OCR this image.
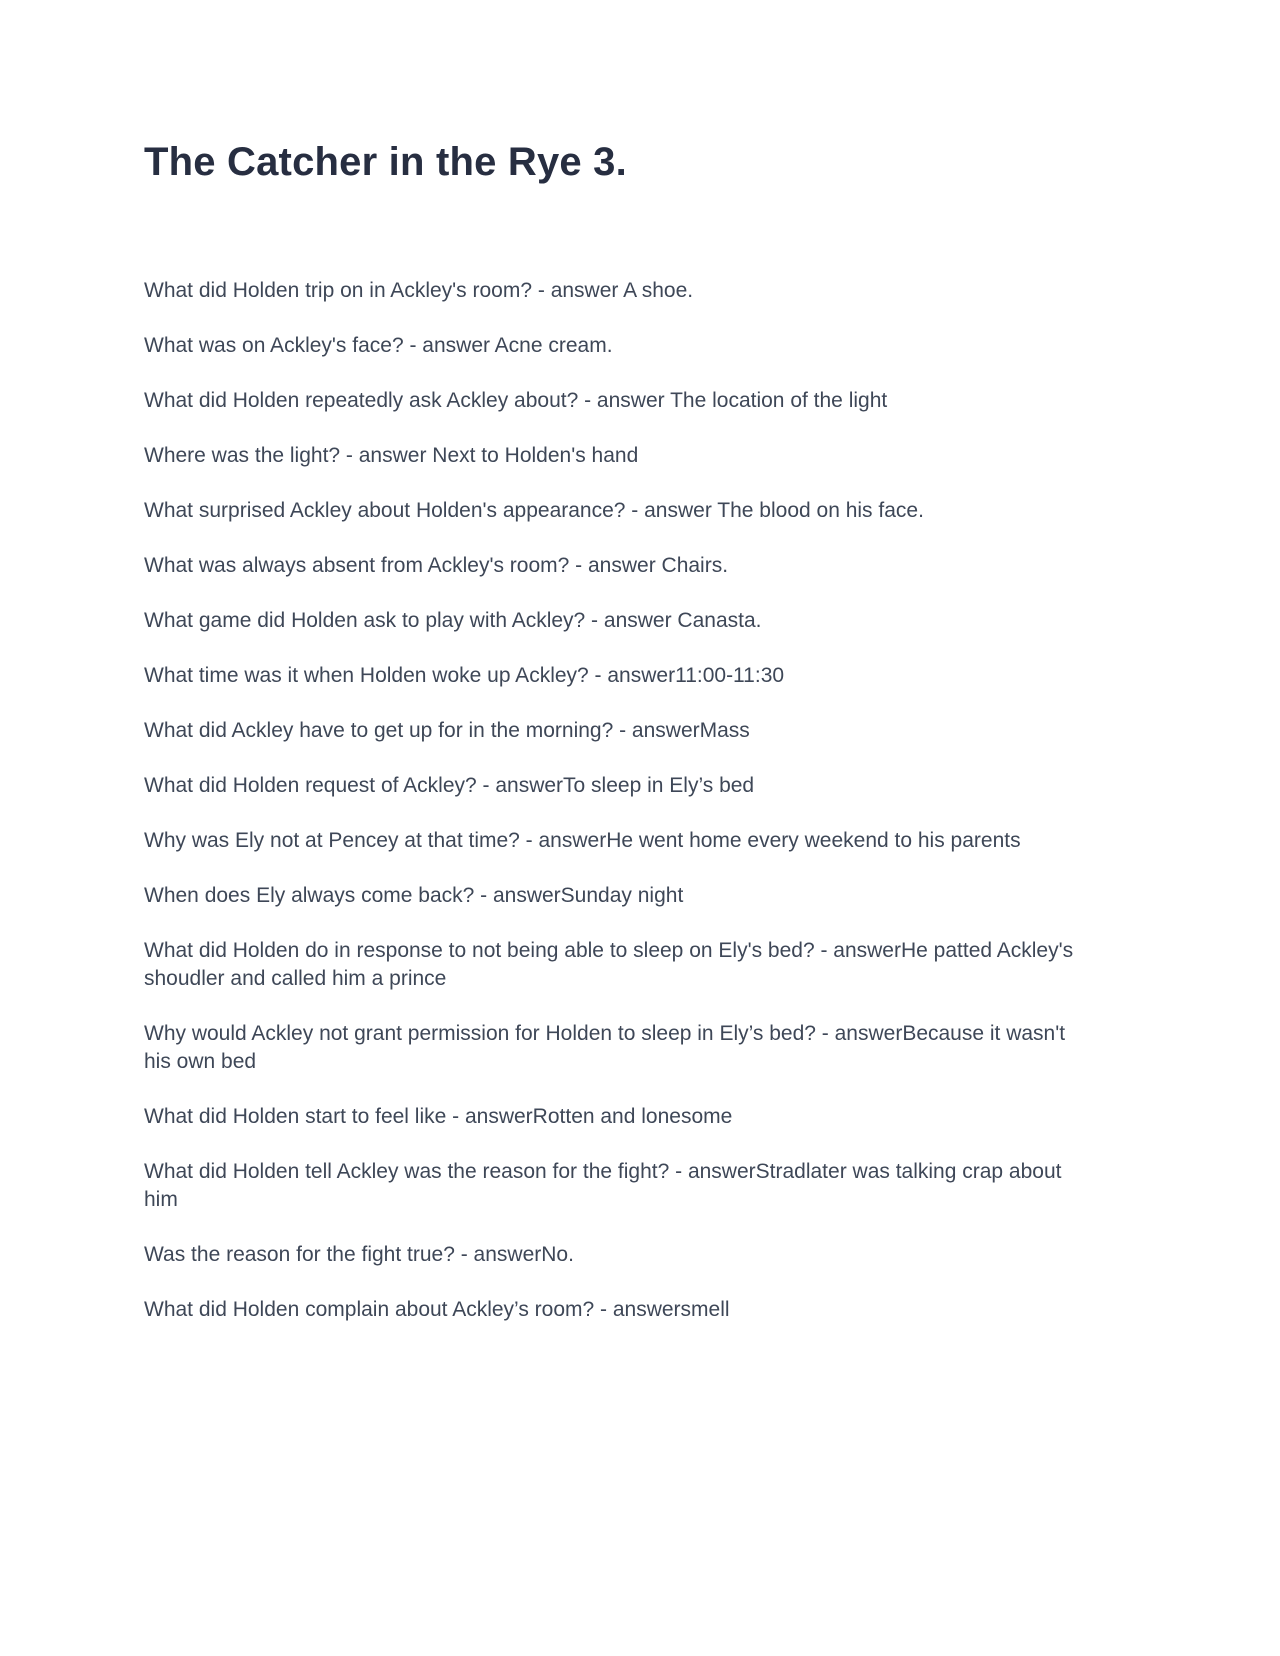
The Catcher in the Rye 3.

What did Holden trip on in Ackley's room? - answer A shoe.

What was on Ackley's face? - answer Acne cream.

What did Holden repeatedly ask Ackley about? - answer The location of the light

Where was the light? - answer Next to Holden's hand

What surprised Ackley about Holden's appearance? - answer The blood on his face.

What was always absent from Ackley's room? - answer Chairs.

What game did Holden ask to play with Ackley? - answer Canasta.

What time was it when Holden woke up Ackley? - answer11:00-11:30

What did Ackley have to get up for in the morning? - answerMass

What did Holden request of Ackley? - answerTo sleep in Ely’s bed

Why was Ely not at Pencey at that time? - answerHe went home every weekend to his parents

When does Ely always come back? - answerSunday night

What did Holden do in response to not being able to sleep on Ely's bed? - answerHe patted Ackley's shoudler and called him a prince

Why would Ackley not grant permission for Holden to sleep in Ely’s bed? - answerBecause it wasn't his own bed

What did Holden start to feel like - answerRotten and lonesome

What did Holden tell Ackley was the reason for the fight? - answerStradlater was talking crap about him

Was the reason for the fight true? - answerNo.

What did Holden complain about Ackley’s room? - answersmell
